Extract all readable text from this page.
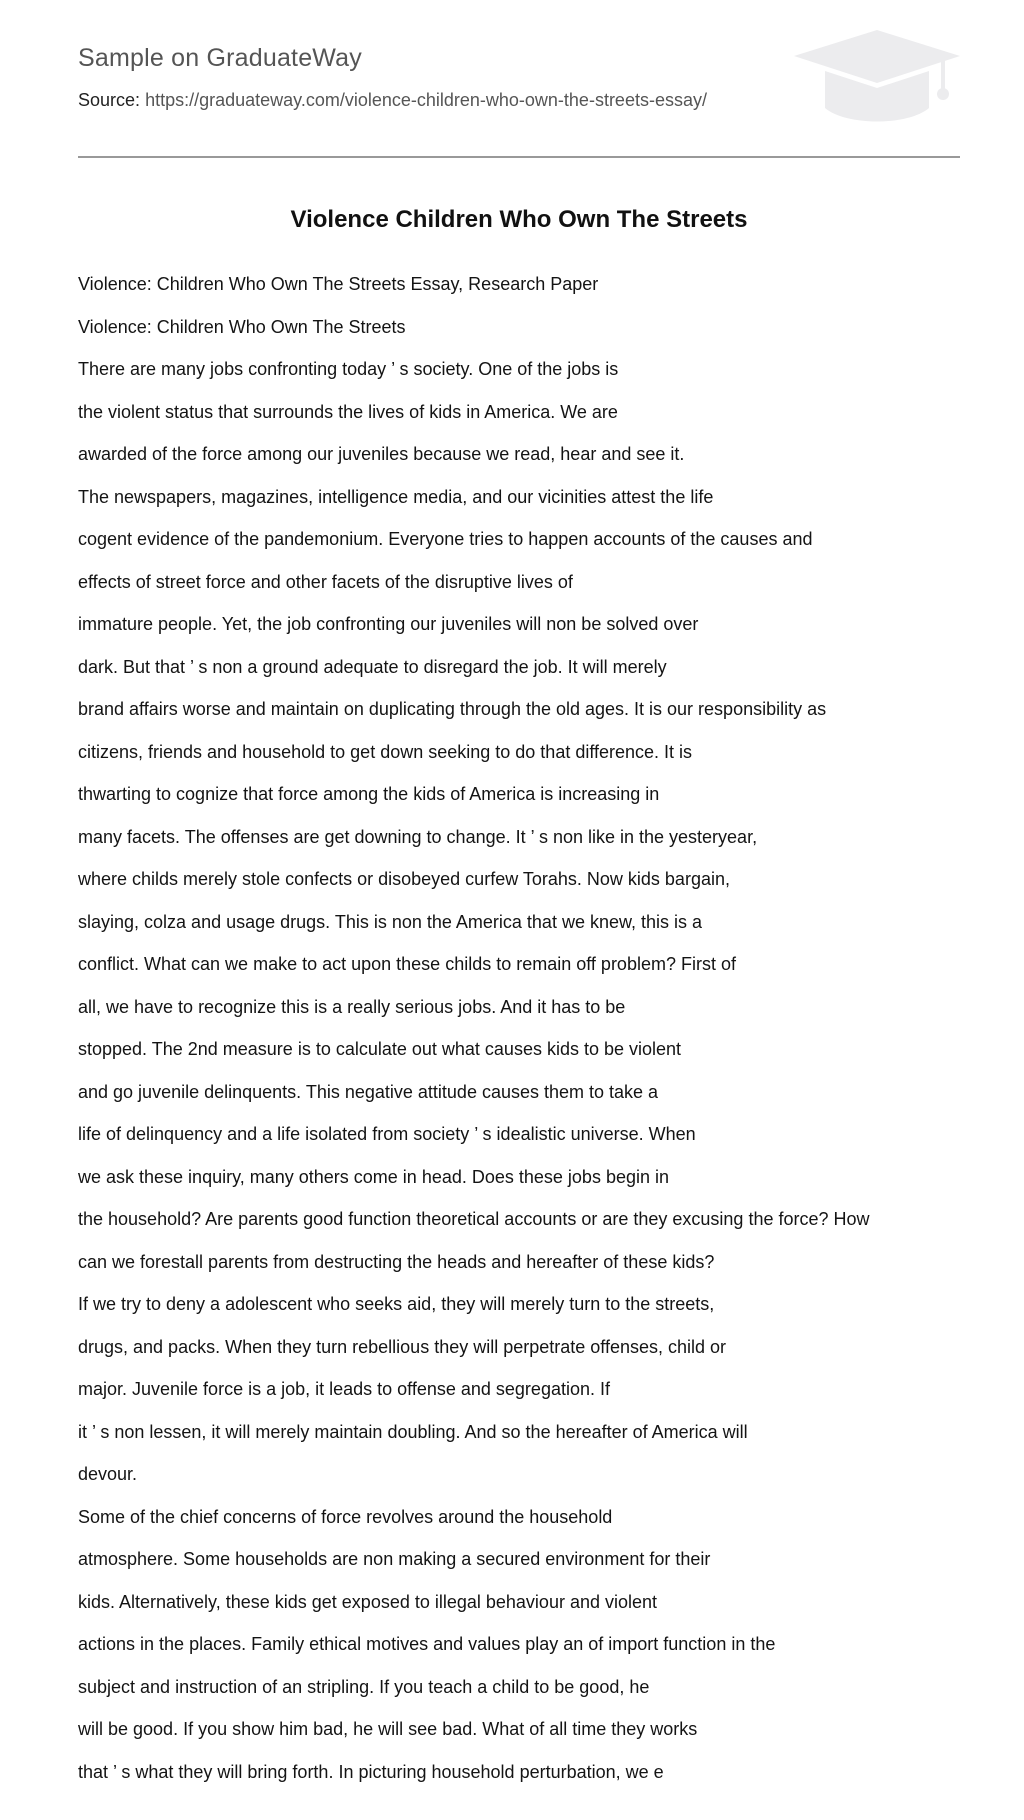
Sample on GraduateWay
Source: https://graduateway.com/violence-children-who-own-the-streets-essay/
Violence Children Who Own The Streets
Violence: Children Who Own The Streets Essay, Research Paper
Violence: Children Who Own The Streets
There are many jobs confronting today ’ s society. One of the jobs is
the violent status that surrounds the lives of kids in America. We are
awarded of the force among our juveniles because we read, hear and see it.
The newspapers, magazines, intelligence media, and our vicinities attest the life
cogent evidence of the pandemonium. Everyone tries to happen accounts of the causes and
effects of street force and other facets of the disruptive lives of
immature people. Yet, the job confronting our juveniles will non be solved over
dark. But that ’ s non a ground adequate to disregard the job. It will merely
brand affairs worse and maintain on duplicating through the old ages. It is our responsibility as
citizens, friends and household to get down seeking to do that difference. It is
thwarting to cognize that force among the kids of America is increasing in
many facets. The offenses are get downing to change. It ’ s non like in the yesteryear,
where childs merely stole confects or disobeyed curfew Torahs. Now kids bargain,
slaying, colza and usage drugs. This is non the America that we knew, this is a
conflict. What can we make to act upon these childs to remain off problem? First of
all, we have to recognize this is a really serious jobs. And it has to be
stopped. The 2nd measure is to calculate out what causes kids to be violent
and go juvenile delinquents. This negative attitude causes them to take a
life of delinquency and a life isolated from society ’ s idealistic universe. When
we ask these inquiry, many others come in head. Does these jobs begin in
the household? Are parents good function theoretical accounts or are they excusing the force? How
can we forestall parents from destructing the heads and hereafter of these kids?
If we try to deny a adolescent who seeks aid, they will merely turn to the streets,
drugs, and packs. When they turn rebellious they will perpetrate offenses, child or
major. Juvenile force is a job, it leads to offense and segregation. If
it ’ s non lessen, it will merely maintain doubling. And so the hereafter of America will
devour.
Some of the chief concerns of force revolves around the household
atmosphere. Some households are non making a secured environment for their
kids. Alternatively, these kids get exposed to illegal behaviour and violent
actions in the places. Family ethical motives and values play an of import function in the
subject and instruction of an stripling. If you teach a child to be good, he
will be good. If you show him bad, he will see bad. What of all time they works
that ’ s what they will bring forth. In picturing household perturbation, we e
